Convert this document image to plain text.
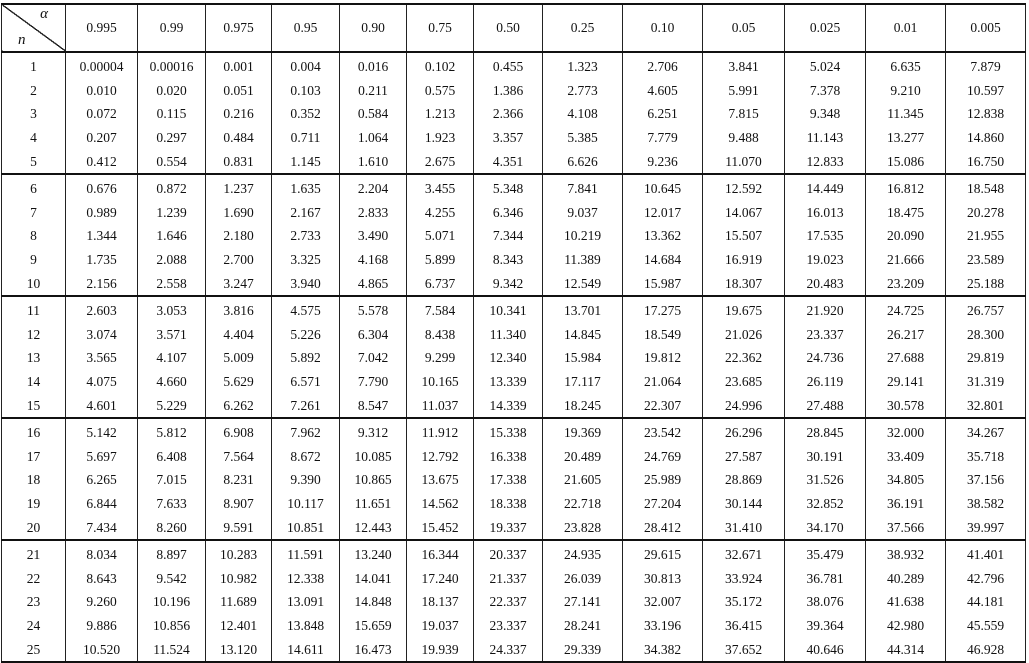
α
n	0.995	0.99	0.975	0.95	0.90	0.75	0.50	0.25	0.10	0.05	0.025	0.01	0.005
1	0.00004	0.00016	0.001	0.004	0.016	0.102	0.455	1.323	2.706	3.841	5.024	6.635	7.879
2	0.010	0.020	0.051	0.103	0.211	0.575	1.386	2.773	4.605	5.991	7.378	9.210	10.597
3	0.072	0.115	0.216	0.352	0.584	1.213	2.366	4.108	6.251	7.815	9.348	11.345	12.838
4	0.207	0.297	0.484	0.711	1.064	1.923	3.357	5.385	7.779	9.488	11.143	13.277	14.860
5	0.412	0.554	0.831	1.145	1.610	2.675	4.351	6.626	9.236	11.070	12.833	15.086	16.750
6	0.676	0.872	1.237	1.635	2.204	3.455	5.348	7.841	10.645	12.592	14.449	16.812	18.548
7	0.989	1.239	1.690	2.167	2.833	4.255	6.346	9.037	12.017	14.067	16.013	18.475	20.278
8	1.344	1.646	2.180	2.733	3.490	5.071	7.344	10.219	13.362	15.507	17.535	20.090	21.955
9	1.735	2.088	2.700	3.325	4.168	5.899	8.343	11.389	14.684	16.919	19.023	21.666	23.589
10	2.156	2.558	3.247	3.940	4.865	6.737	9.342	12.549	15.987	18.307	20.483	23.209	25.188
11	2.603	3.053	3.816	4.575	5.578	7.584	10.341	13.701	17.275	19.675	21.920	24.725	26.757
12	3.074	3.571	4.404	5.226	6.304	8.438	11.340	14.845	18.549	21.026	23.337	26.217	28.300
13	3.565	4.107	5.009	5.892	7.042	9.299	12.340	15.984	19.812	22.362	24.736	27.688	29.819
14	4.075	4.660	5.629	6.571	7.790	10.165	13.339	17.117	21.064	23.685	26.119	29.141	31.319
15	4.601	5.229	6.262	7.261	8.547	11.037	14.339	18.245	22.307	24.996	27.488	30.578	32.801
16	5.142	5.812	6.908	7.962	9.312	11.912	15.338	19.369	23.542	26.296	28.845	32.000	34.267
17	5.697	6.408	7.564	8.672	10.085	12.792	16.338	20.489	24.769	27.587	30.191	33.409	35.718
18	6.265	7.015	8.231	9.390	10.865	13.675	17.338	21.605	25.989	28.869	31.526	34.805	37.156
19	6.844	7.633	8.907	10.117	11.651	14.562	18.338	22.718	27.204	30.144	32.852	36.191	38.582
20	7.434	8.260	9.591	10.851	12.443	15.452	19.337	23.828	28.412	31.410	34.170	37.566	39.997
21	8.034	8.897	10.283	11.591	13.240	16.344	20.337	24.935	29.615	32.671	35.479	38.932	41.401
22	8.643	9.542	10.982	12.338	14.041	17.240	21.337	26.039	30.813	33.924	36.781	40.289	42.796
23	9.260	10.196	11.689	13.091	14.848	18.137	22.337	27.141	32.007	35.172	38.076	41.638	44.181
24	9.886	10.856	12.401	13.848	15.659	19.037	23.337	28.241	33.196	36.415	39.364	42.980	45.559
25	10.520	11.524	13.120	14.611	16.473	19.939	24.337	29.339	34.382	37.652	40.646	44.314	46.928
